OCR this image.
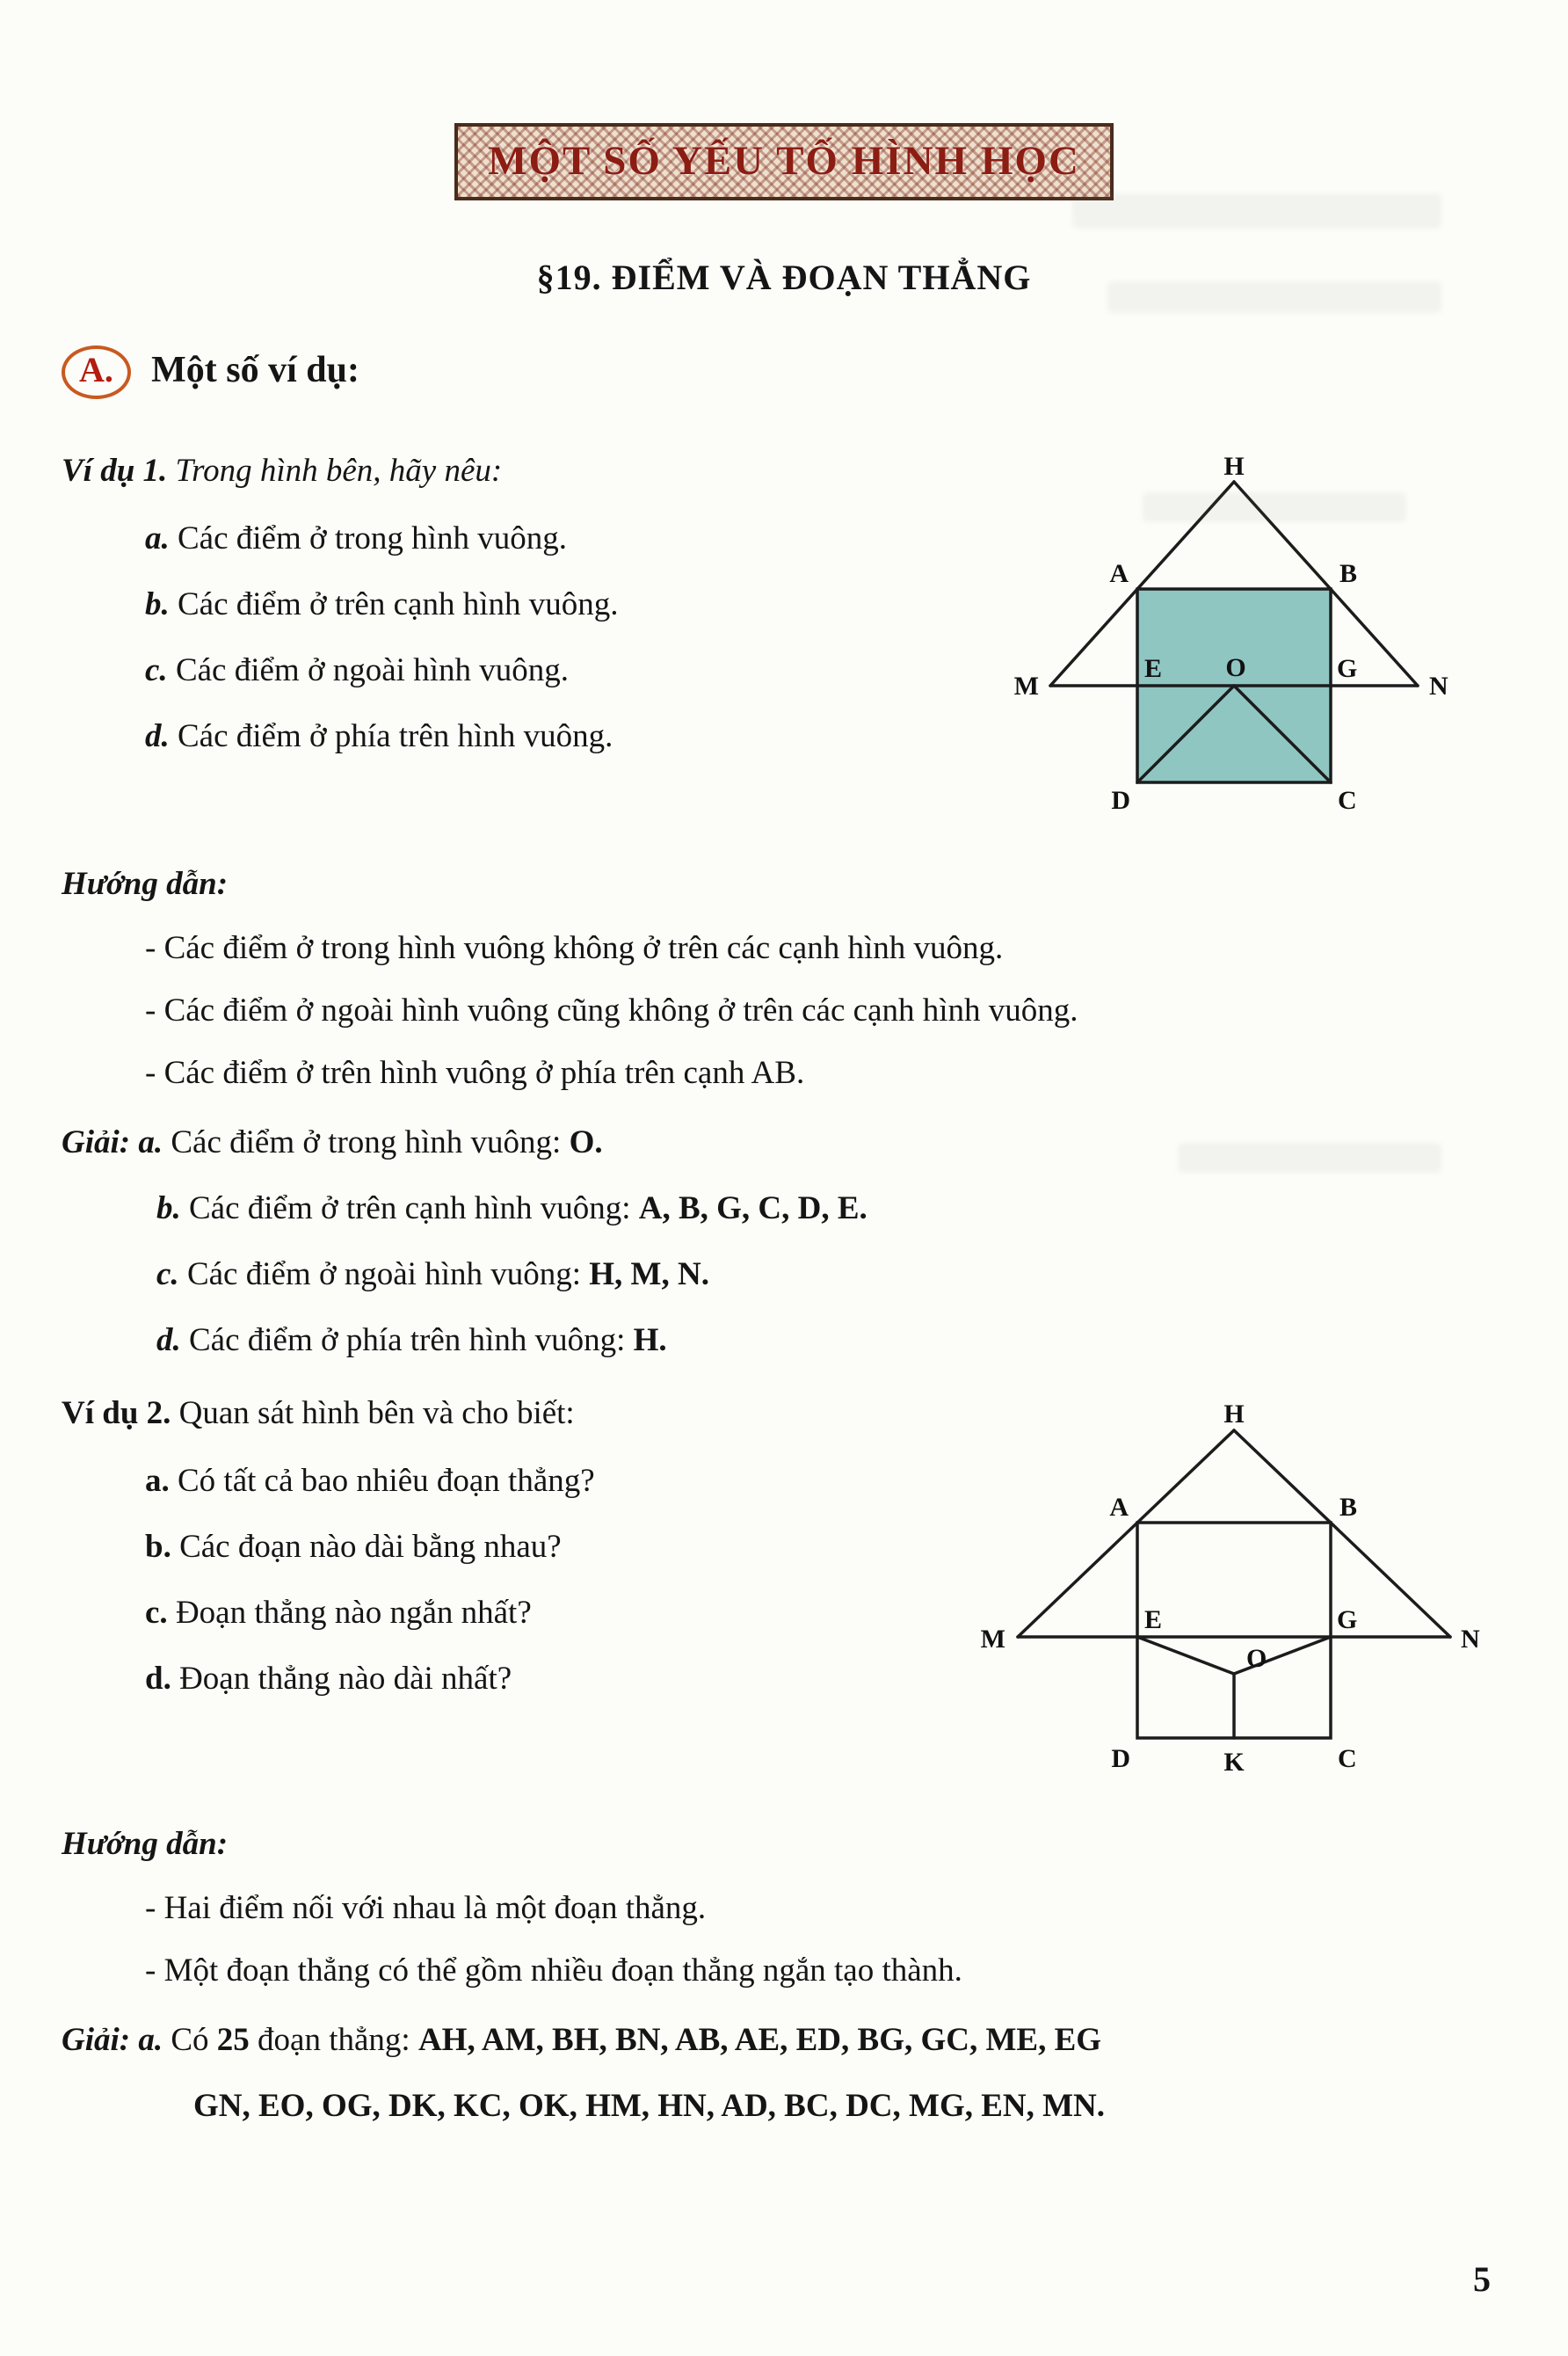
MỘT SỐ YẾU TỐ HÌNH HỌC
§19. ĐIỂM VÀ ĐOẠN THẲNG
A. Một số ví dụ:
Ví dụ 1. Trong hình bên, hãy nêu:
a. Các điểm ở trong hình vuông.
b. Các điểm ở trên cạnh hình vuông.
c. Các điểm ở ngoài hình vuông.
d. Các điểm ở phía trên hình vuông.
H
A	B
M
E O	G
N
D	C
Hướng dẫn:
- Các điểm ở trong hình vuông không ở trên các cạnh hình vuông.
- Các điểm ở ngoài hình vuông cũng không ở trên các cạnh hình vuông.
- Các điểm ở trên hình vuông ở phía trên cạnh AB.
Giải: a. Các điểm ở trong hình vuông: O.
b. Các điểm ở trên cạnh hình vuông: A, B, G, C, D, E.
c. Các điểm ở ngoài hình vuông: H, M, N.
d. Các điểm ở phía trên hình vuông: H.
Ví dụ 2. Quan sát hình bên và cho biết:
a. Có tất cả bao nhiêu đoạn thẳng?
b. Các đoạn nào dài bằng nhau?
c. Đoạn thẳng nào ngắn nhất?
d. Đoạn thẳng nào dài nhất?
H
A	B
M
E	G
N
O
D	K	C
Hướng dẫn:
- Hai điểm nối với nhau là một đoạn thẳng.
- Một đoạn thẳng có thể gồm nhiều đoạn thẳng ngắn tạo thành.
Giải: a. Có 25 đoạn thẳng: AH, AM, BH, BN, AB, AE, ED, BG, GC, ME, EG
GN, EO, OG, DK, KC, OK, HM, HN, AD, BC, DC, MG, EN, MN.
5
